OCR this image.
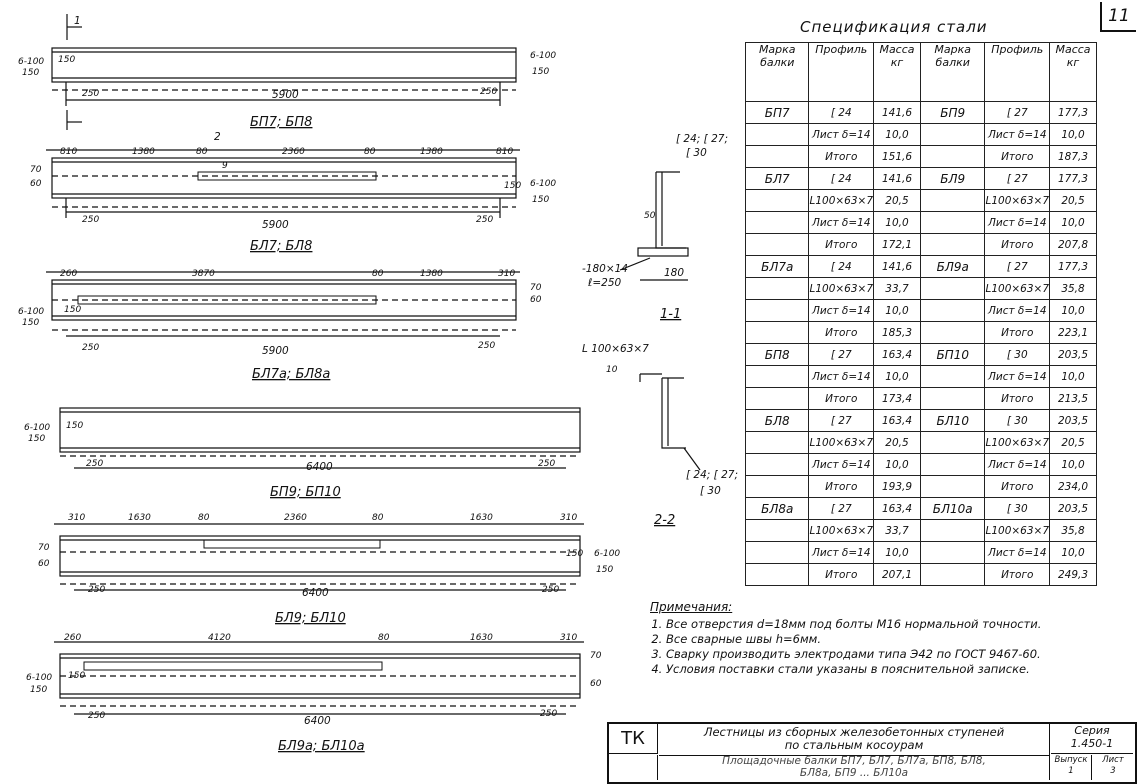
БП7; БП8
БЛ7; БЛ8
БЛ7а; БЛ8а
БП9; БП10
БЛ9; БЛ10
БЛ9а; БЛ10а
1-1
2-2
1
2	[ 24; [ 27;
[ 30
-180×14
ℓ=250
180
50
L 100×63×7
[ 24; [ 27;
[ 30
10
6-100
150
150	6-100
150
250	5900	250
810	1380	80	2360	80	1380	810
60
70
150 6-100
150
250	5900	250
9
260	3870	80	1380	310
6-100
150
150
60
70
250	5900	250
6-100
150
150
250	6400	250
310	1630	80	2360	80	1630	310
60
70
150 6-100
150
250	6400	250
260	4120	80	1630	310
6-100
150
150
60
70
250	6400
250
11
Спецификация стали
Марка балки	Профиль	Масса кг	Марка балки	Профиль	Масса кг
БП7	[ 24	141,6	БП9	[ 27	177,3
	Лист δ=14	10,0		Лист δ=14	10,0
	Итого	151,6		Итого	187,3
БЛ7	[ 24	141,6	БЛ9	[ 27	177,3
	L100×63×7	20,5		L100×63×7	20,5
	Лист δ=14	10,0		Лист δ=14	10,0
	Итого	172,1		Итого	207,8
БЛ7а	[ 24	141,6	БЛ9а	[ 27	177,3
	L100×63×7	33,7		L100×63×7	35,8
	Лист δ=14	10,0		Лист δ=14	10,0
	Итого	185,3		Итого	223,1
БП8	[ 27	163,4	БП10	[ 30	203,5
	Лист δ=14	10,0		Лист δ=14	10,0
	Итого	173,4		Итого	213,5
БЛ8	[ 27	163,4	БЛ10	[ 30	203,5
	L100×63×7	20,5		L100×63×7	20,5
	Лист δ=14	10,0		Лист δ=14	10,0
	Итого	193,9		Итого	234,0
БЛ8а	[ 27	163,4	БЛ10а	[ 30	203,5
	L100×63×7	33,7		L100×63×7	35,8
	Лист δ=14	10,0		Лист δ=14	10,0
	Итого	207,1		Итого	249,3
Примечания:
1. Все отверстия d=18мм под болты М16 нормальной точности.
2. Все сварные швы h=6мм.
3. Сварку производить электродами типа Э42 по ГОСТ 9467-60.
4. Условия поставки стали указаны в пояснительной записке.
ТК	Лестницы из сборных железобетонных ступеней
по стальным косоурам
Серия
1.450-1
Площадочные балки БП7, БЛ7, БЛ7а, БП8, БЛ8,
БЛ8а, БП9 ... БЛ10а
Выпуск
1
Лист
3
